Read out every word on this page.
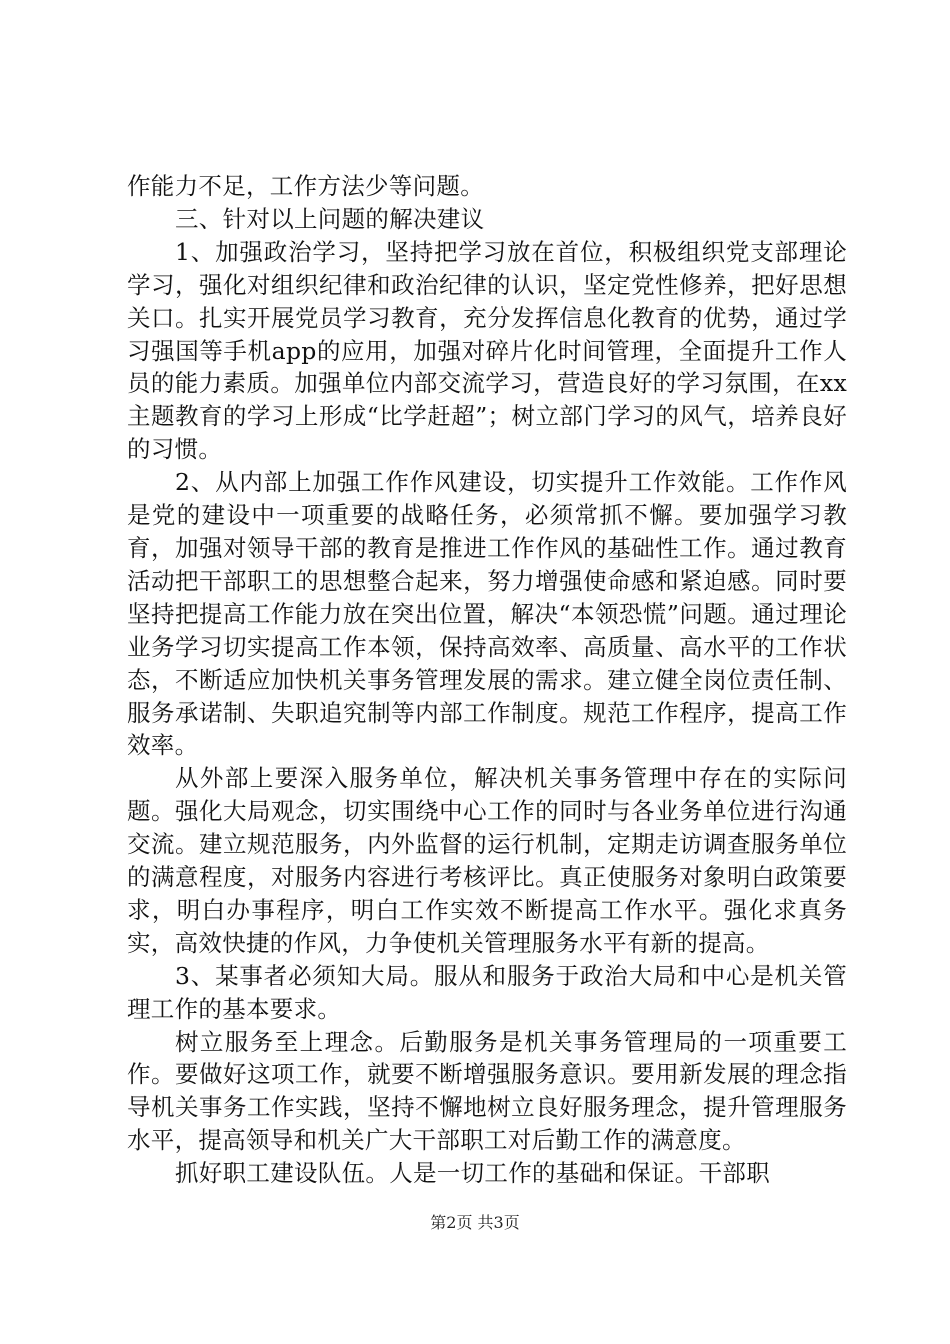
作能力不足，工作方法少等问题。

三、针对以上问题的解决建议

1、加强政治学习，坚持把学习放在首位，积极组织党支部理论学习，强化对组织纪律和政治纪律的认识，坚定党性修养，把好思想关口。扎实开展党员学习教育，充分发挥信息化教育的优势，通过学习强国等手机app的应用，加强对碎片化时间管理，全面提升工作人员的能力素质。加强单位内部交流学习，营造良好的学习氛围，在xx主题教育的学习上形成“比学赶超”；树立部门学习的风气，培养良好的习惯。

2、从内部上加强工作作风建设，切实提升工作效能。工作作风是党的建设中一项重要的战略任务，必须常抓不懈。要加强学习教育，加强对领导干部的教育是推进工作作风的基础性工作。通过教育活动把干部职工的思想整合起来，努力增强使命感和紧迫感。同时要坚持把提高工作能力放在突出位置，解决“本领恐慌”问题。通过理论业务学习切实提高工作本领，保持高效率、高质量、高水平的工作状态，不断适应加快机关事务管理发展的需求。建立健全岗位责任制、服务承诺制、失职追究制等内部工作制度。规范工作程序，提高工作效率。

从外部上要深入服务单位，解决机关事务管理中存在的实际问题。强化大局观念，切实围绕中心工作的同时与各业务单位进行沟通交流。建立规范服务，内外监督的运行机制，定期走访调查服务单位的满意程度，对服务内容进行考核评比。真正使服务对象明白政策要求，明白办事程序，明白工作实效不断提高工作水平。强化求真务实，高效快捷的作风，力争使机关管理服务水平有新的提高。

3、某事者必须知大局。服从和服务于政治大局和中心是机关管理工作的基本要求。

树立服务至上理念。后勤服务是机关事务管理局的一项重要工作。要做好这项工作，就要不断增强服务意识。要用新发展的理念指导机关事务工作实践，坚持不懈地树立良好服务理念，提升管理服务水平，提高领导和机关广大干部职工对后勤工作的满意度。

抓好职工建设队伍。人是一切工作的基础和保证。干部职

第2页 共3页
